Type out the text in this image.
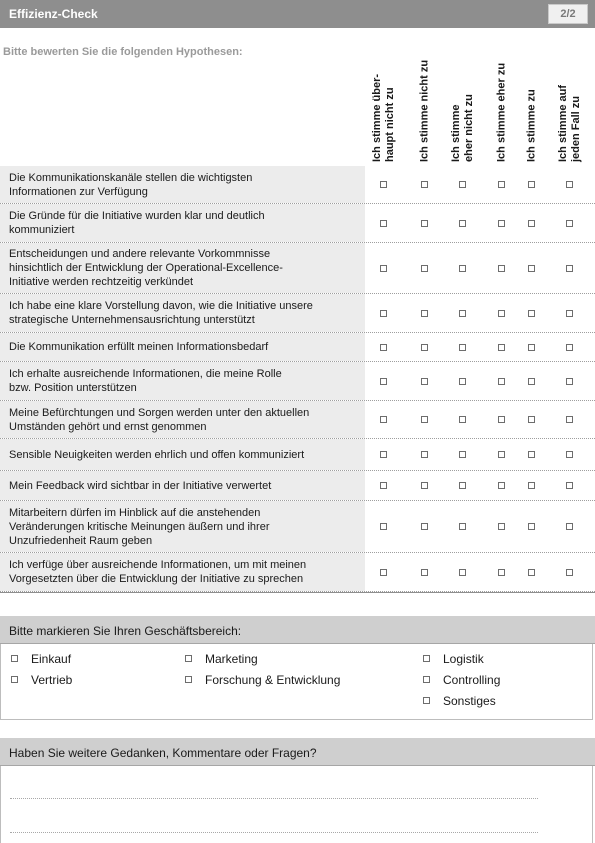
Effizienz-Check	2/2
Bitte bewerten Sie die folgenden Hypothesen:
Ich stimme über-
haupt nicht zu Ich stimme nicht zu Ich stimme
eher nicht zu Ich stimme eher zu Ich stimme zu Ich stimme auf
jeden Fall zu
Die Kommunikationskanäle stellen die wichtigsten
Informationen zur Verfügung
Die Gründe für die Initiative wurden klar und deutlich
kommuniziert
Entscheidungen und andere relevante Vorkommnisse
hinsichtlich der Entwicklung der Operational-Excellence-
Initiative werden rechtzeitig verkündet
Ich habe eine klare Vorstellung davon, wie die Initiative unsere
strategische Unternehmensausrichtung unterstützt
Die Kommunikation erfüllt meinen Informationsbedarf
Ich erhalte ausreichende Informationen, die meine Rolle
bzw. Position unterstützen
Meine Befürchtungen und Sorgen werden unter den aktuellen
Umständen gehört und ernst genommen
Sensible Neuigkeiten werden ehrlich und offen kommuniziert
Mein Feedback wird sichtbar in der Initiative verwertet
Mitarbeitern dürfen im Hinblick auf die anstehenden
Veränderungen kritische Meinungen äußern und ihrer
Unzufriedenheit Raum geben
Ich verfüge über ausreichende Informationen, um mit meinen
Vorgesetzten über die Entwicklung der Initiative zu sprechen
Bitte markieren Sie Ihren Geschäftsbereich:
Einkauf
Vertrieb
Marketing
Forschung & Entwicklung
Logistik
Controlling
Sonstiges
Haben Sie weitere Gedanken, Kommentare oder Fragen?
